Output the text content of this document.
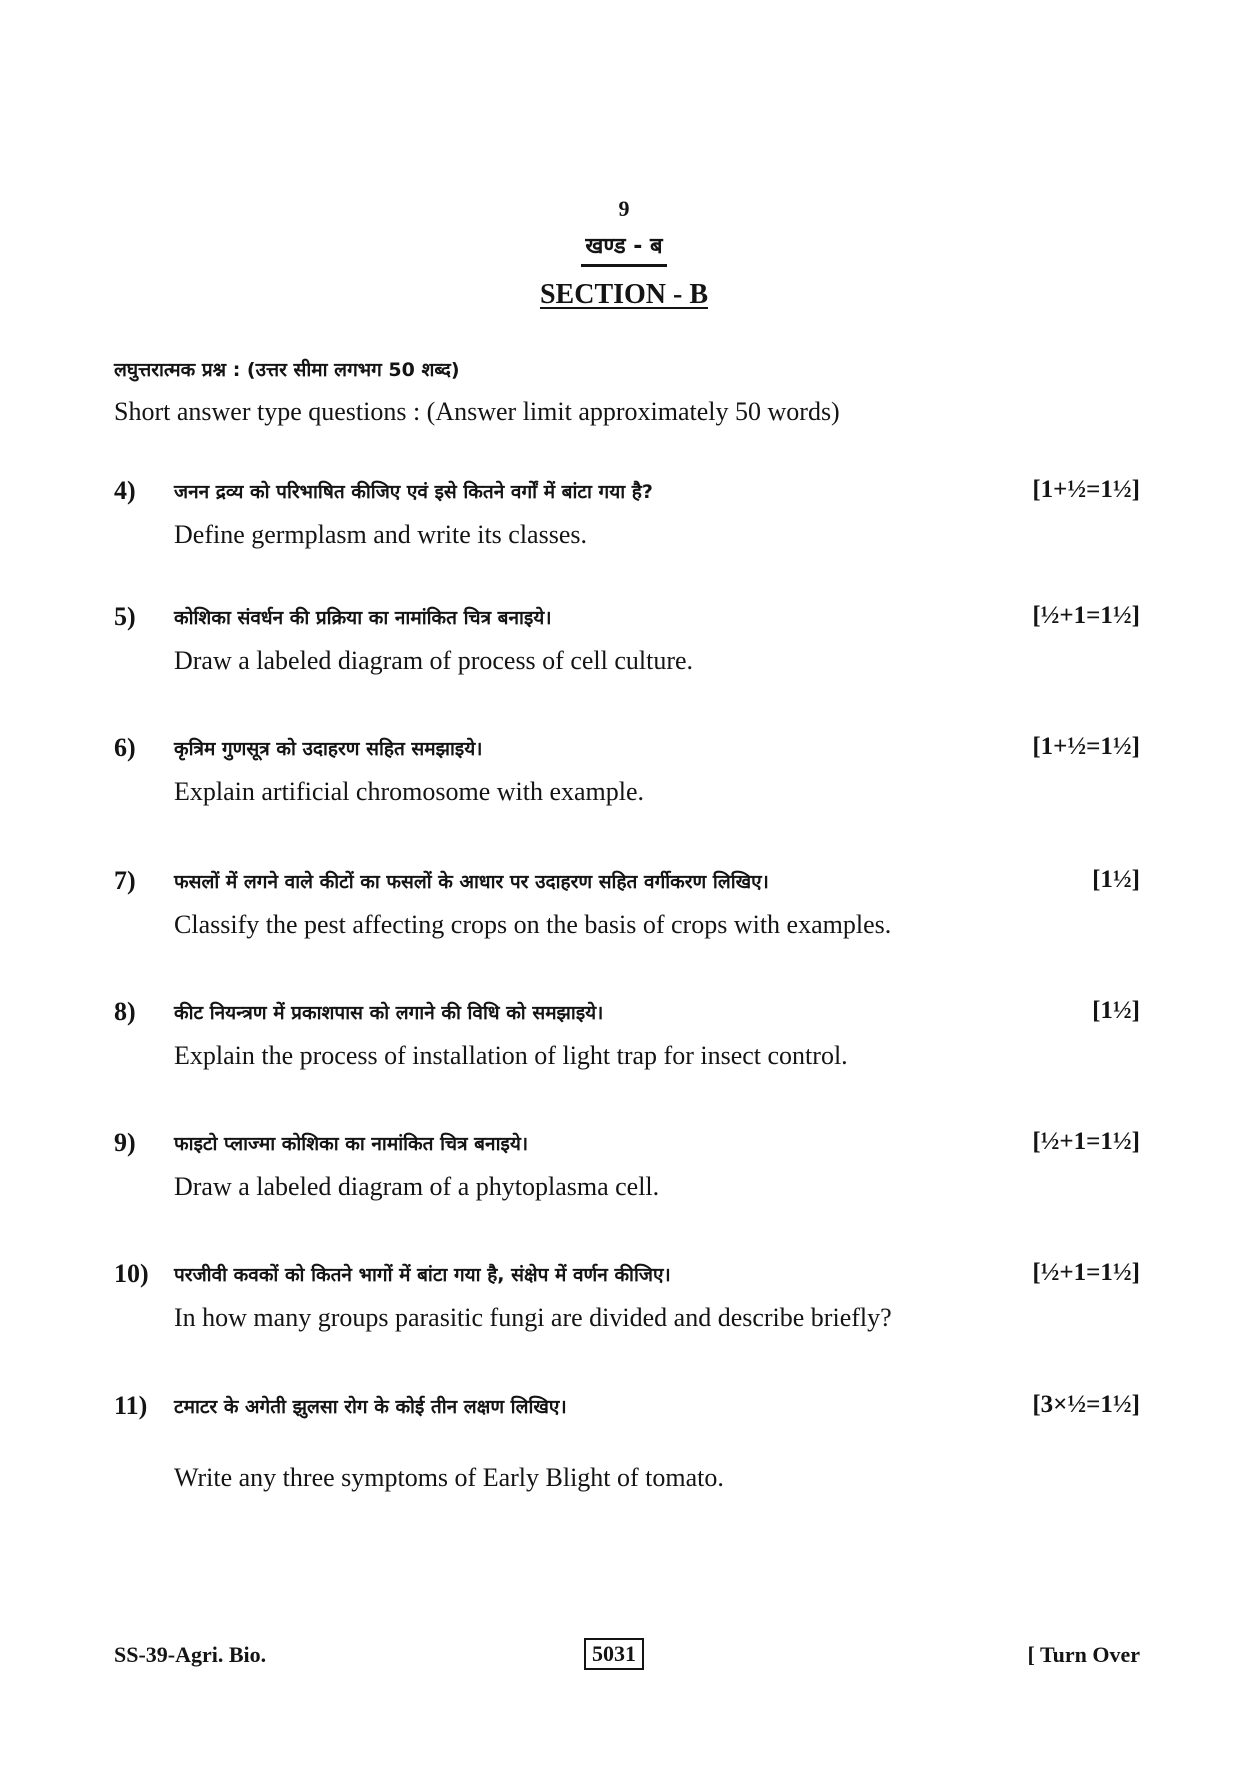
9
खण्ड - ब
SECTION - B
लघुत्तरात्मक प्रश्न : (उत्तर सीमा लगभग 50 शब्द)
Short answer type questions : (Answer limit approximately 50 words)
4) जनन द्रव्य को परिभाषित कीजिए एवं इसे कितने वर्गों में बांटा गया है?	[1+½=1½]
Define germplasm and write its classes.
5) कोशिका संवर्धन की प्रक्रिया का नामांकित चित्र बनाइये।	[½+1=1½]
Draw a labeled diagram of process of cell culture.
6) कृत्रिम गुणसूत्र को उदाहरण सहित समझाइये।	[1+½=1½]
Explain artificial chromosome with example.
7) फसलों में लगने वाले कीटों का फसलों के आधार पर उदाहरण सहित वर्गीकरण लिखिए।	[1½]
Classify the pest affecting crops on the basis of crops with examples.
8) कीट नियन्त्रण में प्रकाशपास को लगाने की विधि को समझाइये।	[1½]
Explain the process of installation of light trap for insect control.
9) फाइटो प्लाज्मा कोशिका का नामांकित चित्र बनाइये।	[½+1=1½]
Draw a labeled diagram of a phytoplasma cell.
10) परजीवी कवकों को कितने भागों में बांटा गया है, संक्षेप में वर्णन कीजिए।	[½+1=1½]
In how many groups parasitic fungi are divided and describe briefly?
11) टमाटर के अगेती झुलसा रोग के कोई तीन लक्षण लिखिए।	[3×½=1½]
Write any three symptoms of Early Blight of tomato.
SS-39-Agri. Bio.	5031	[ Turn Over
